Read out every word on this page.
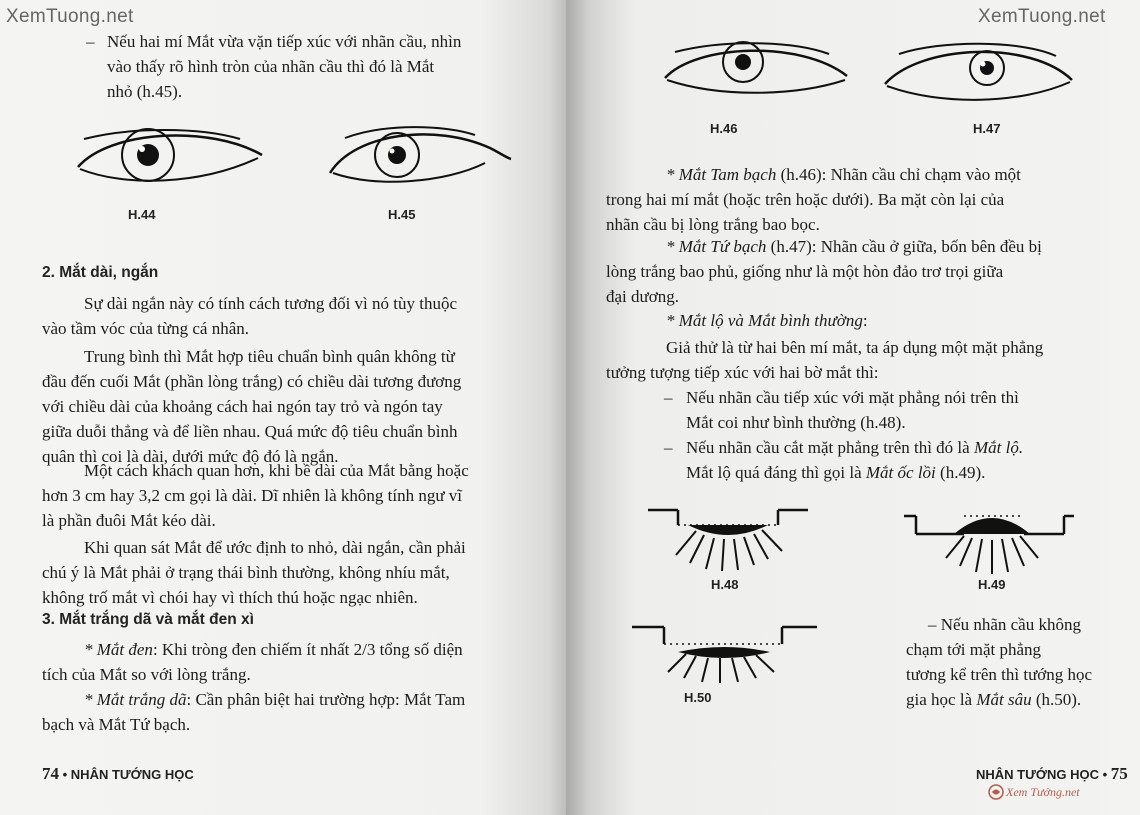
XemTuong.net
– Nếu hai mí Mắt vừa vặn tiếp xúc với nhãn cầu, nhìn
vào thấy rõ hình tròn của nhãn cầu thì đó là Mắt
nhỏ (h.45).
H.44	H.45
2. Mắt dài, ngắn
Sự dài ngắn này có tính cách tương đối vì nó tùy thuộc
vào tầm vóc của từng cá nhân.
Trung bình thì Mắt hợp tiêu chuẩn bình quân không từ
đầu đến cuối Mắt (phần lòng trắng) có chiều dài tương đương
với chiều dài của khoảng cách hai ngón tay trỏ và ngón tay
giữa duỗi thẳng và để liền nhau. Quá mức độ tiêu chuẩn bình
quân thì coi là dài, dưới mức độ đó là ngắn.
Một cách khách quan hơn, khi bề dài của Mắt bằng hoặc
hơn 3 cm hay 3,2 cm gọi là dài. Dĩ nhiên là không tính ngư vĩ
là phần đuôi Mắt kéo dài.
Khi quan sát Mắt để ước định to nhỏ, dài ngắn, cần phải
chú ý là Mắt phải ở trạng thái bình thường, không nhíu mắt,
không trố mắt vì chói hay vì thích thú hoặc ngạc nhiên.
3. Mắt trắng dã và mắt đen xì
* Mắt đen: Khi tròng đen chiếm ít nhất 2/3 tổng số diện
tích của Mắt so với lòng trắng.
* Mắt trắng dã: Cần phân biệt hai trường hợp: Mắt Tam
bạch và Mắt Tứ bạch.
74 • NHÂN TƯỚNG HỌC
XemTuong.net
H.46	H.47
* Mắt Tam bạch (h.46): Nhãn cầu chỉ chạm vào một
trong hai mí mắt (hoặc trên hoặc dưới). Ba mặt còn lại của
nhãn cầu bị lòng trắng bao bọc.
* Mắt Tứ bạch (h.47): Nhãn cầu ở giữa, bốn bên đều bị
lòng trắng bao phủ, giống như là một hòn đảo trơ trọi giữa
đại dương.
* Mắt lộ và Mắt bình thường:
Giả thử là từ hai bên mí mắt, ta áp dụng một mặt phẳng
tưởng tượng tiếp xúc với hai bờ mắt thì:
– Nếu nhãn cầu tiếp xúc với mặt phẳng nói trên thì
Mắt coi như bình thường (h.48).
– Nếu nhãn cầu cắt mặt phẳng trên thì đó là Mắt lộ.
Mắt lộ quá đáng thì gọi là Mắt ốc lồi (h.49).
H.48	H.49
H.50
– Nếu nhãn cầu không
chạm tới mặt phẳng
tương kể trên thì tướng học
gia học là Mắt sâu (h.50).
NHÂN TƯỚNG HỌC • 75
Xem Tướng.net
